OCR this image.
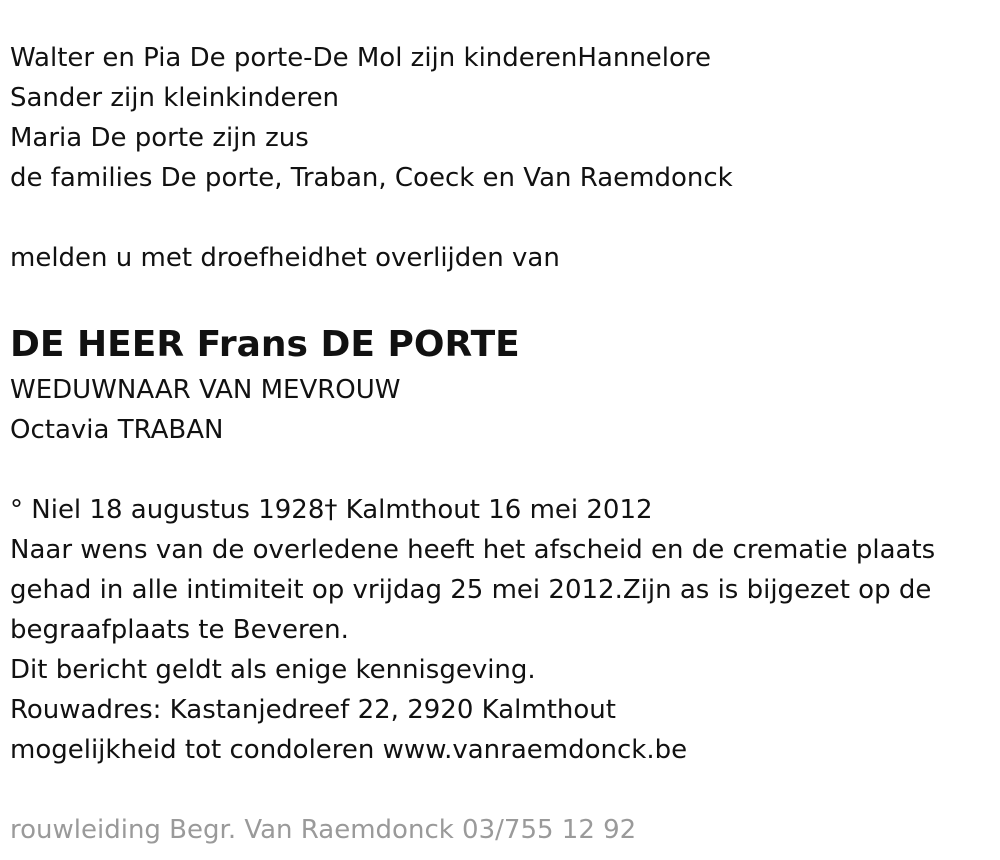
Walter en Pia De porte-De Mol zijn kinderenHannelore
Sander zijn kleinkinderen
Maria De porte zijn zus
de families De porte, Traban, Coeck en Van Raemdonck
melden u met droefheidhet overlijden van
DE HEER Frans DE PORTE
WEDUWNAAR VAN MEVROUW
Octavia TRABAN
° Niel 18 augustus 1928† Kalmthout 16 mei 2012
Naar wens van de overledene heeft het afscheid en de crematie plaats
gehad in alle intimiteit op vrijdag 25 mei 2012.Zijn as is bijgezet op de
begraafplaats te Beveren.
Dit bericht geldt als enige kennisgeving.
Rouwadres: Kastanjedreef 22, 2920 Kalmthout
mogelijkheid tot condoleren www.vanraemdonck.be
rouwleiding Begr. Van Raemdonck 03/755 12 92
